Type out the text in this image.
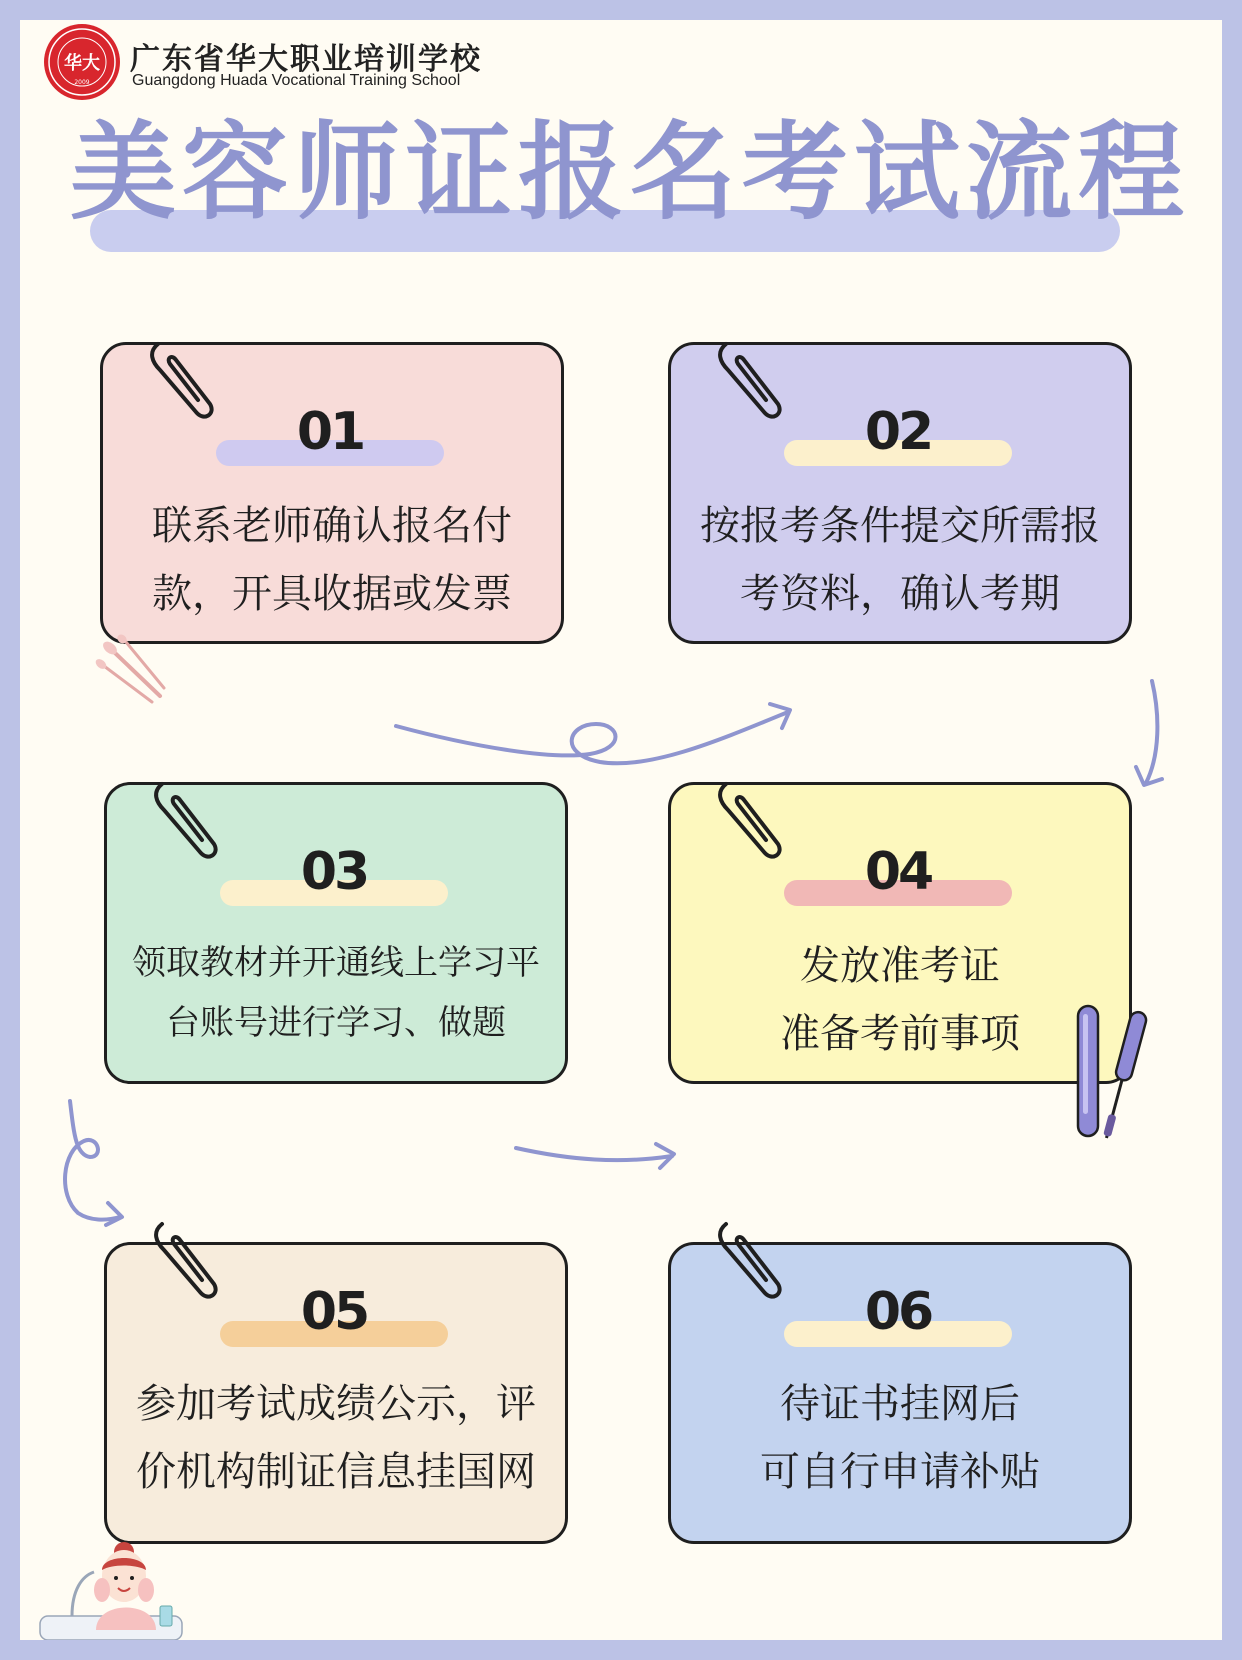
华大
2009
广东省华大职业培训学校
Guangdong Huada Vocational Training School
美容师证报名考试流程
01
联系老师确认报名付
款，开具收据或发票
02
按报考条件提交所需报
考资料，确认考期
03
领取教材并开通线上学习平
台账号进行学习、做题
04
发放准考证
准备考前事项
05
参加考试成绩公示，评
价机构制证信息挂国网
06
待证书挂网后
可自行申请补贴
